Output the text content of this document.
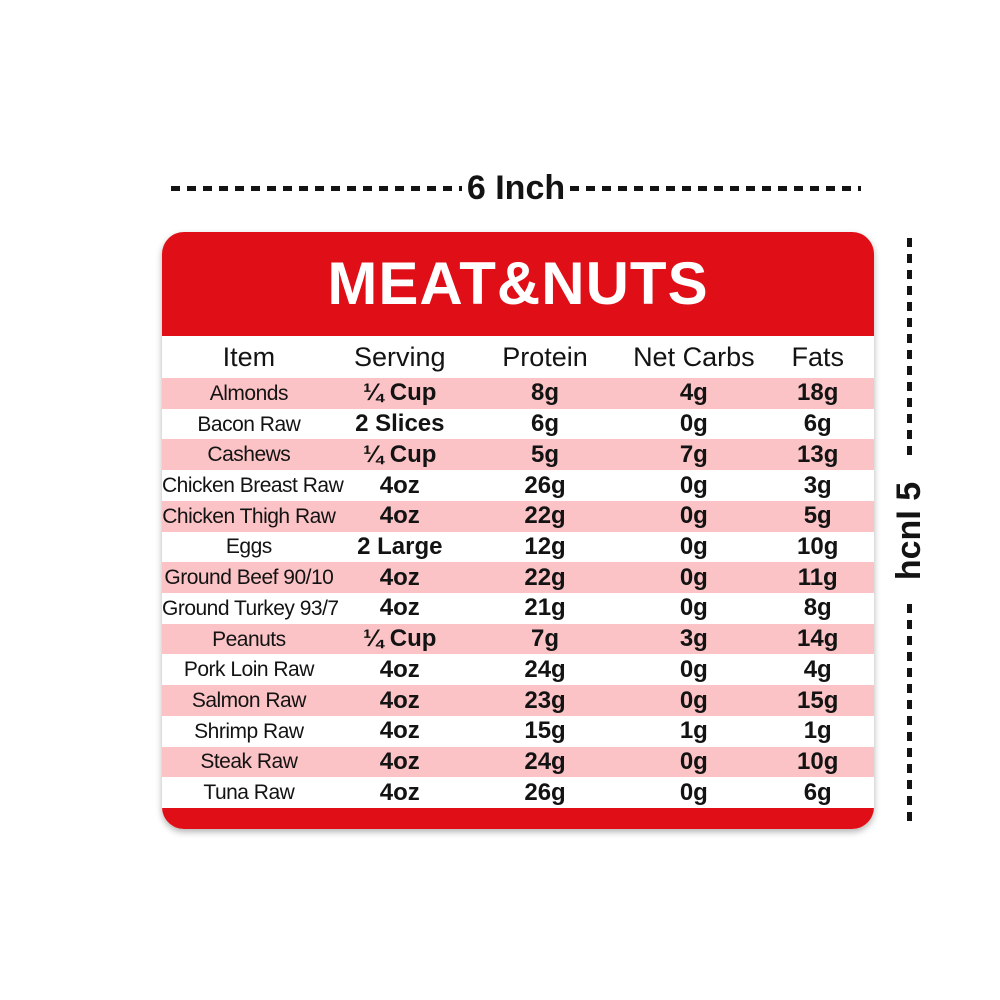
6 Inch
hcnI 5
MEAT&NUTS
Item	Serving	Protein	Net Carbs	Fats
Almonds	¼ Cup	8g	4g	18g
Bacon Raw	2 Slices	6g	0g	6g
Cashews	¼ Cup	5g	7g	13g
Chicken Breast Raw	4oz	26g	0g	3g
Chicken Thigh Raw	4oz	22g	0g	5g
Eggs	2 Large	12g	0g	10g
Ground Beef 90/10	4oz	22g	0g	11g
Ground Turkey 93/7	4oz	21g	0g	8g
Peanuts	¼ Cup	7g	3g	14g
Pork Loin Raw	4oz	24g	0g	4g
Salmon Raw	4oz	23g	0g	15g
Shrimp Raw	4oz	15g	1g	1g
Steak Raw	4oz	24g	0g	10g
Tuna Raw	4oz	26g	0g	6g
